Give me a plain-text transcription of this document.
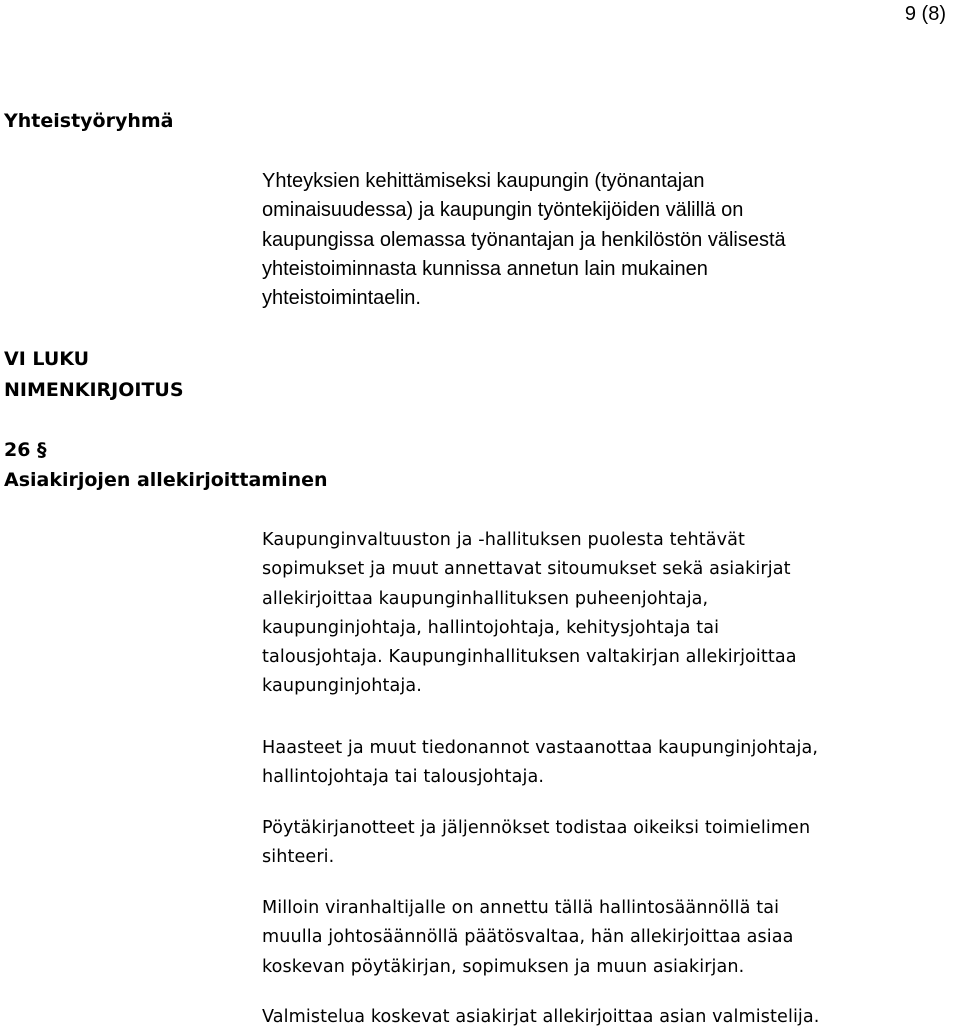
9 (8)
Yhteistyöryhmä

Yhteyksien kehittämiseksi kaupungin (työnantajan
ominaisuudessa) ja kaupungin työntekijöiden välillä on
kaupungissa olemassa työnantajan ja henkilöstön välisestä
yhteistoiminnasta kunnissa annetun lain mukainen
yhteistoimintaelin.

VI LUKU
NIMENKIRJOITUS
26 §
Asiakirjojen allekirjoittaminen

Kaupunginvaltuuston ja -hallituksen puolesta tehtävät
sopimukset ja muut annettavat sitoumukset sekä asiakirjat
allekirjoittaa kaupunginhallituksen puheenjohtaja,
kaupunginjohtaja, hallintojohtaja, kehitysjohtaja tai
talousjohtaja. Kaupunginhallituksen valtakirjan allekirjoittaa
kaupunginjohtaja.

Haasteet ja muut tiedonannot vastaanottaa kaupunginjohtaja,
hallintojohtaja tai talousjohtaja.

Pöytäkirjanotteet ja jäljennökset todistaa oikeiksi toimielimen
sihteeri.

Milloin viranhaltijalle on annettu tällä hallintosäännöllä tai
muulla johtosäännöllä päätösvaltaa, hän allekirjoittaa asiaa
koskevan pöytäkirjan, sopimuksen ja muun asiakirjan.

Valmistelua koskevat asiakirjat allekirjoittaa asian valmistelija.
